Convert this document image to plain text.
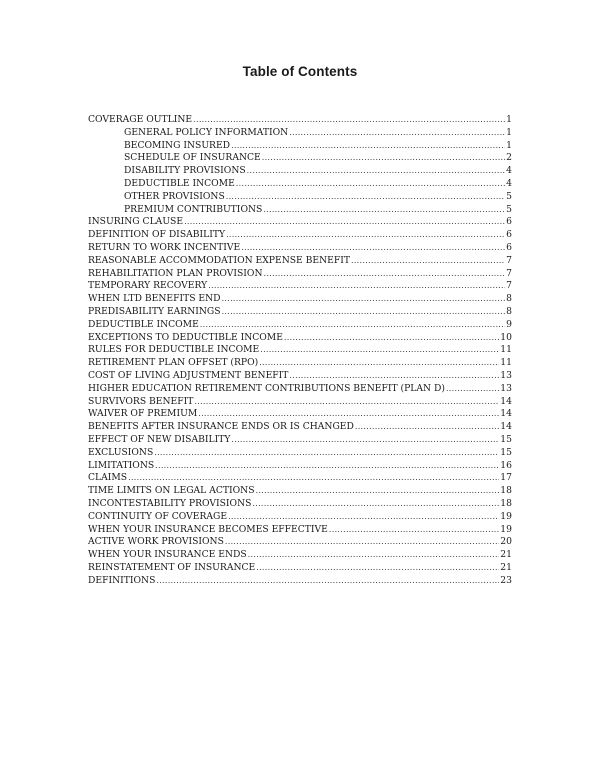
Table of Contents
COVERAGE OUTLINE .....	1
GENERAL POLICY INFORMATION .....	1
BECOMING INSURED .....	1
SCHEDULE OF INSURANCE .....	2
DISABILITY PROVISIONS .....	4
DEDUCTIBLE INCOME .....	4
OTHER PROVISIONS .....	5
PREMIUM CONTRIBUTIONS .....	5
INSURING CLAUSE .....	6
DEFINITION OF DISABILITY .....	6
RETURN TO WORK INCENTIVE .....	6
REASONABLE ACCOMMODATION EXPENSE BENEFIT .....	7
REHABILITATION PLAN PROVISION .....	7
TEMPORARY RECOVERY .....	7
WHEN LTD BENEFITS END .....	8
PREDISABILITY EARNINGS .....	8
DEDUCTIBLE INCOME .....	9
EXCEPTIONS TO DEDUCTIBLE INCOME .....	10
RULES FOR DEDUCTIBLE INCOME .....	11
RETIREMENT PLAN OFFSET (RPO) .....	11
COST OF LIVING ADJUSTMENT BENEFIT .....	13
HIGHER EDUCATION RETIREMENT CONTRIBUTIONS BENEFIT (PLAN D) .....	13
SURVIVORS BENEFIT .....	14
WAIVER OF PREMIUM .....	14
BENEFITS AFTER INSURANCE ENDS OR IS CHANGED .....	14
EFFECT OF NEW DISABILITY .....	15
EXCLUSIONS .....	15
LIMITATIONS .....	16
CLAIMS .....	17
TIME LIMITS ON LEGAL ACTIONS .....	18
INCONTESTABILITY PROVISIONS .....	18
CONTINUITY OF COVERAGE .....	19
WHEN YOUR INSURANCE BECOMES EFFECTIVE .....	19
ACTIVE WORK PROVISIONS .....	20
WHEN YOUR INSURANCE ENDS .....	21
REINSTATEMENT OF INSURANCE .....	21
DEFINITIONS .....	23
